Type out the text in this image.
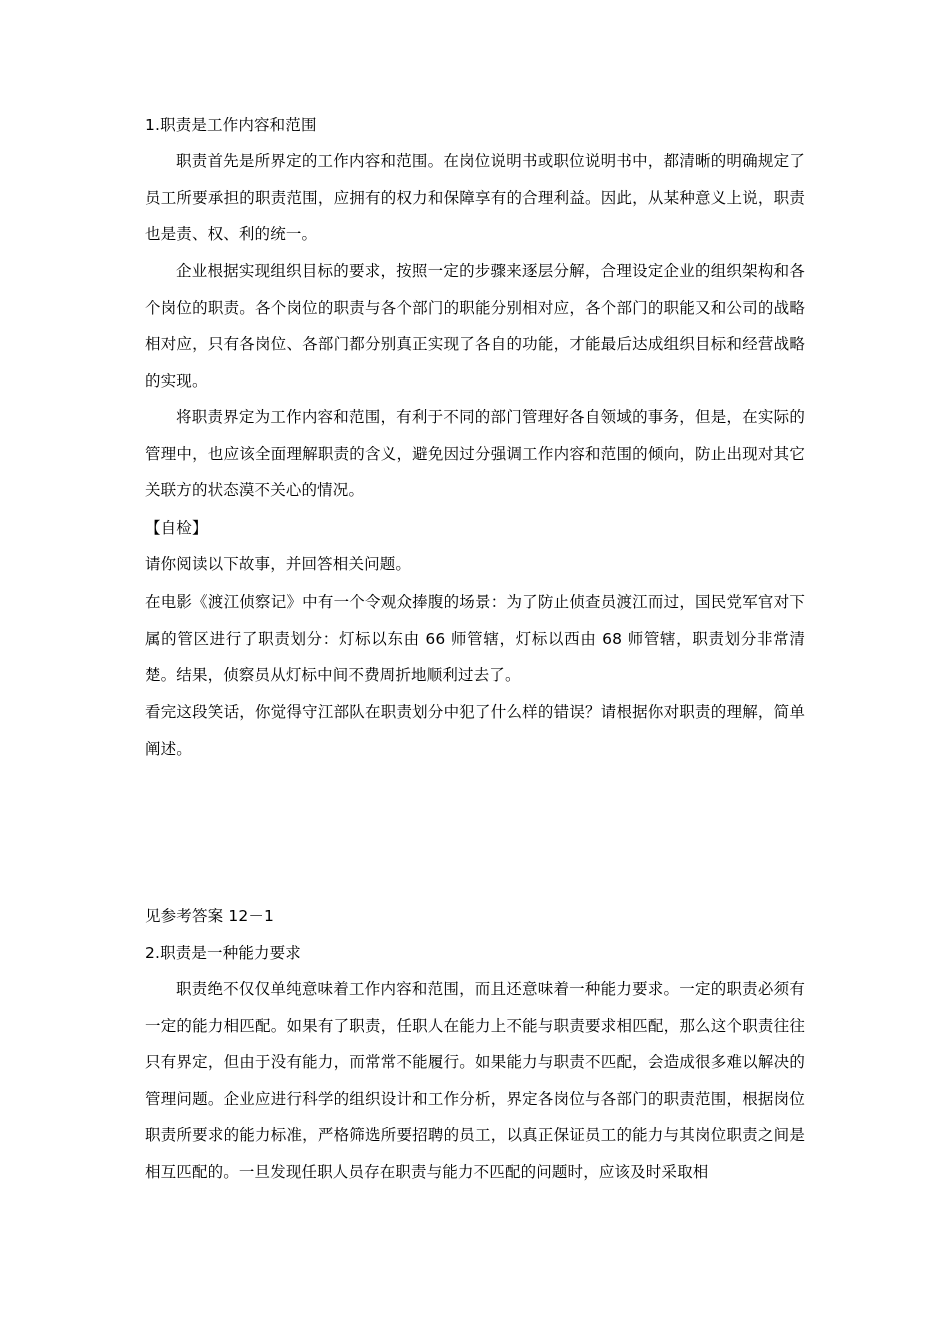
1.职责是工作内容和范围

职责首先是所界定的工作内容和范围。在岗位说明书或职位说明书中，都清晰的明确规定了员工所要承担的职责范围，应拥有的权力和保障享有的合理利益。因此，从某种意义上说，职责也是责、权、利的统一。

企业根据实现组织目标的要求，按照一定的步骤来逐层分解，合理设定企业的组织架构和各个岗位的职责。各个岗位的职责与各个部门的职能分别相对应，各个部门的职能又和公司的战略相对应，只有各岗位、各部门都分别真正实现了各自的功能，才能最后达成组织目标和经营战略的实现。

将职责界定为工作内容和范围，有利于不同的部门管理好各自领域的事务，但是，在实际的管理中，也应该全面理解职责的含义，避免因过分强调工作内容和范围的倾向，防止出现对其它关联方的状态漠不关心的情况。

【自检】

请你阅读以下故事，并回答相关问题。

在电影《渡江侦察记》中有一个令观众捧腹的场景：为了防止侦查员渡江而过，国民党军官对下属的管区进行了职责划分：灯标以东由 66 师管辖，灯标以西由 68 师管辖，职责划分非常清楚。结果，侦察员从灯标中间不费周折地顺利过去了。

看完这段笑话，你觉得守江部队在职责划分中犯了什么样的错误？请根据你对职责的理解，简单阐述。

见参考答案 12－1

2.职责是一种能力要求

职责绝不仅仅单纯意味着工作内容和范围，而且还意味着一种能力要求。一定的职责必须有一定的能力相匹配。如果有了职责，任职人在能力上不能与职责要求相匹配，那么这个职责往往只有界定，但由于没有能力，而常常不能履行。如果能力与职责不匹配，会造成很多难以解决的管理问题。企业应进行科学的组织设计和工作分析，界定各岗位与各部门的职责范围，根据岗位职责所要求的能力标准，严格筛选所要招聘的员工，以真正保证员工的能力与其岗位职责之间是相互匹配的。一旦发现任职人员存在职责与能力不匹配的问题时，应该及时采取相
